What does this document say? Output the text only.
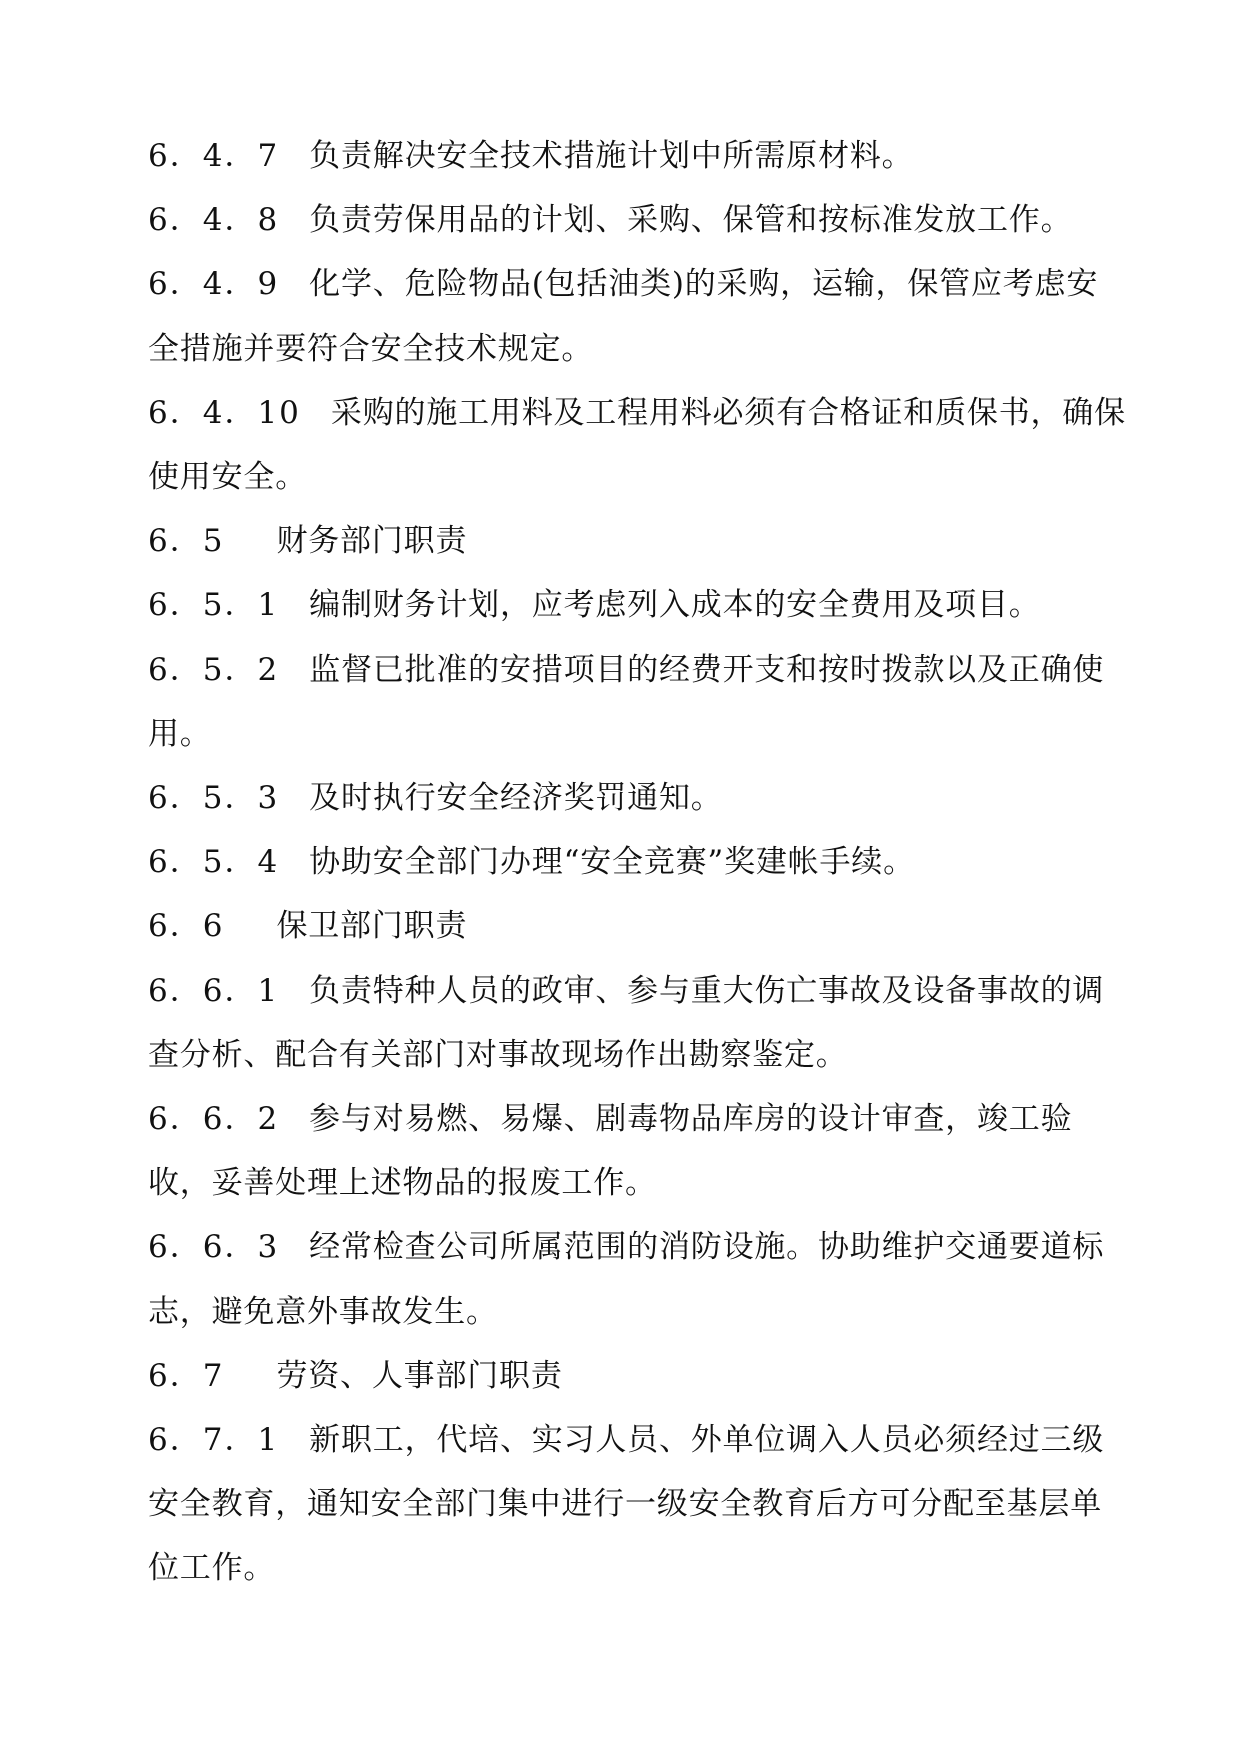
6．4．7 负责解决安全技术措施计划中所需原材料。

6．4．8 负责劳保用品的计划、采购、保管和按标准发放工作。

6．4．9 化学、危险物品(包括油类)的采购，运输，保管应考虑安全措施并要符合安全技术规定。

6．4．10 采购的施工用料及工程用料必须有合格证和质保书，确保使用安全。

6．5 财务部门职责

6．5．1 编制财务计划，应考虑列入成本的安全费用及项目。

6．5．2 监督已批准的安措项目的经费开支和按时拨款以及正确使用。

6．5．3 及时执行安全经济奖罚通知。

6．5．4 协助安全部门办理“安全竞赛”奖建帐手续。

6．6 保卫部门职责

6．6．1 负责特种人员的政审、参与重大伤亡事故及设备事故的调查分析、配合有关部门对事故现场作出勘察鉴定。

6．6．2 参与对易燃、易爆、剧毒物品库房的设计审查，竣工验收，妥善处理上述物品的报废工作。

6．6．3 经常检查公司所属范围的消防设施。协助维护交通要道标志，避免意外事故发生。

6．7 劳资、人事部门职责

6．7．1 新职工，代培、实习人员、外单位调入人员必须经过三级安全教育，通知安全部门集中进行一级安全教育后方可分配至基层单位工作。
